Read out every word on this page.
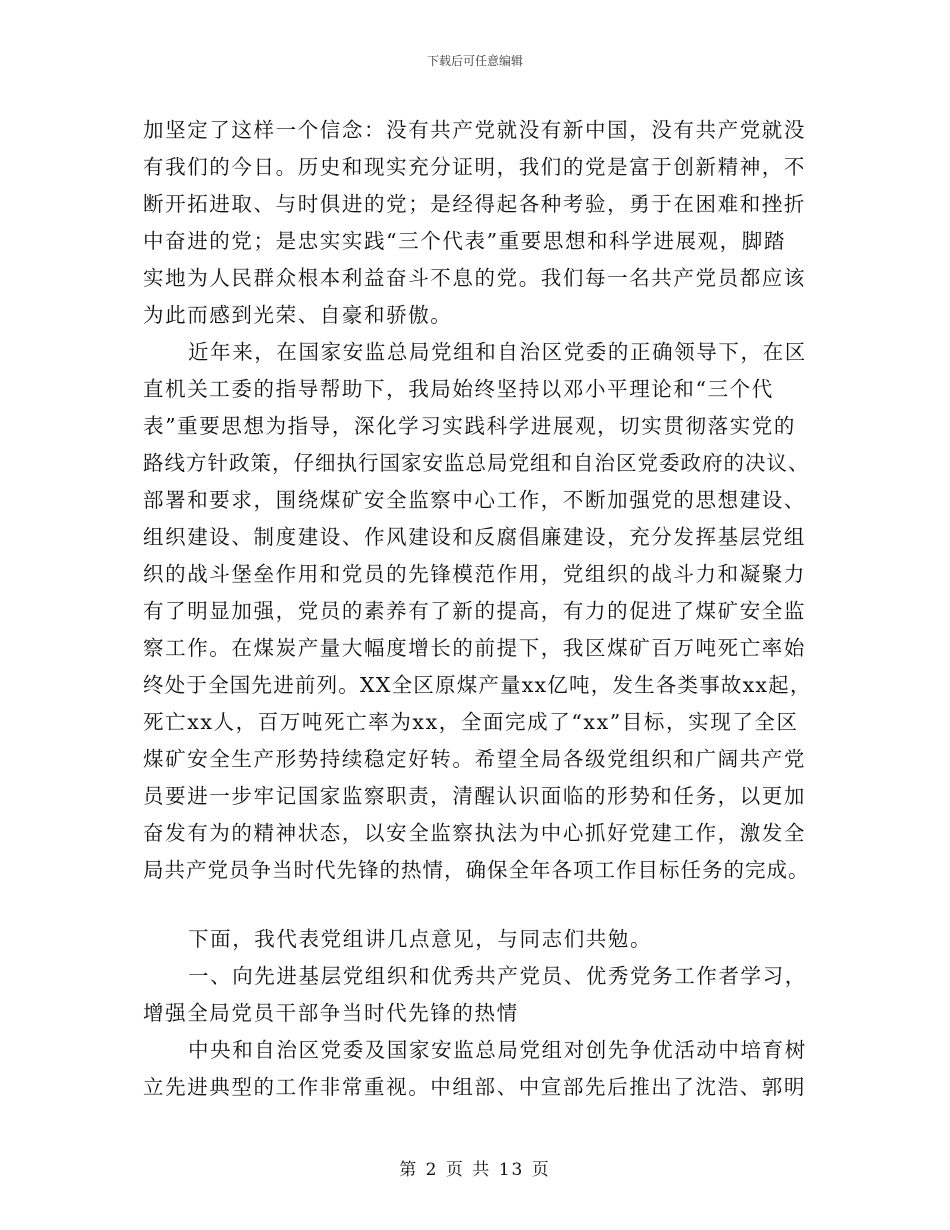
下载后可任意编辑
加坚定了这样一个信念：没有共产党就没有新中国，没有共产党就没
有我们的今日。历史和现实充分证明，我们的党是富于创新精神，不
断开拓进取、与时俱进的党；是经得起各种考验，勇于在困难和挫折
中奋进的党；是忠实实践“三个代表”重要思想和科学进展观，脚踏
实地为人民群众根本利益奋斗不息的党。我们每一名共产党员都应该
为此而感到光荣、自豪和骄傲。
近年来，在国家安监总局党组和自治区党委的正确领导下，在区
直机关工委的指导帮助下，我局始终坚持以邓小平理论和“三个代
表”重要思想为指导，深化学习实践科学进展观，切实贯彻落实党的
路线方针政策，仔细执行国家安监总局党组和自治区党委政府的决议、
部署和要求，围绕煤矿安全监察中心工作，不断加强党的思想建设、
组织建设、制度建设、作风建设和反腐倡廉建设，充分发挥基层党组
织的战斗堡垒作用和党员的先锋模范作用，党组织的战斗力和凝聚力
有了明显加强，党员的素养有了新的提高，有力的促进了煤矿安全监
察工作。在煤炭产量大幅度增长的前提下，我区煤矿百万吨死亡率始
终处于全国先进前列。XX全区原煤产量xx亿吨，发生各类事故xx起，
死亡xx人，百万吨死亡率为xx，全面完成了“xx”目标，实现了全区
煤矿安全生产形势持续稳定好转。希望全局各级党组织和广阔共产党
员要进一步牢记国家监察职责，清醒认识面临的形势和任务，以更加
奋发有为的精神状态，以安全监察执法为中心抓好党建工作，激发全
局共产党员争当时代先锋的热情，确保全年各项工作目标任务的完成。
下面，我代表党组讲几点意见，与同志们共勉。
一、向先进基层党组织和优秀共产党员、优秀党务工作者学习，
增强全局党员干部争当时代先锋的热情
中央和自治区党委及国家安监总局党组对创先争优活动中培育树
立先进典型的工作非常重视。中组部、中宣部先后推出了沈浩、郭明
第 2 页 共 13 页
